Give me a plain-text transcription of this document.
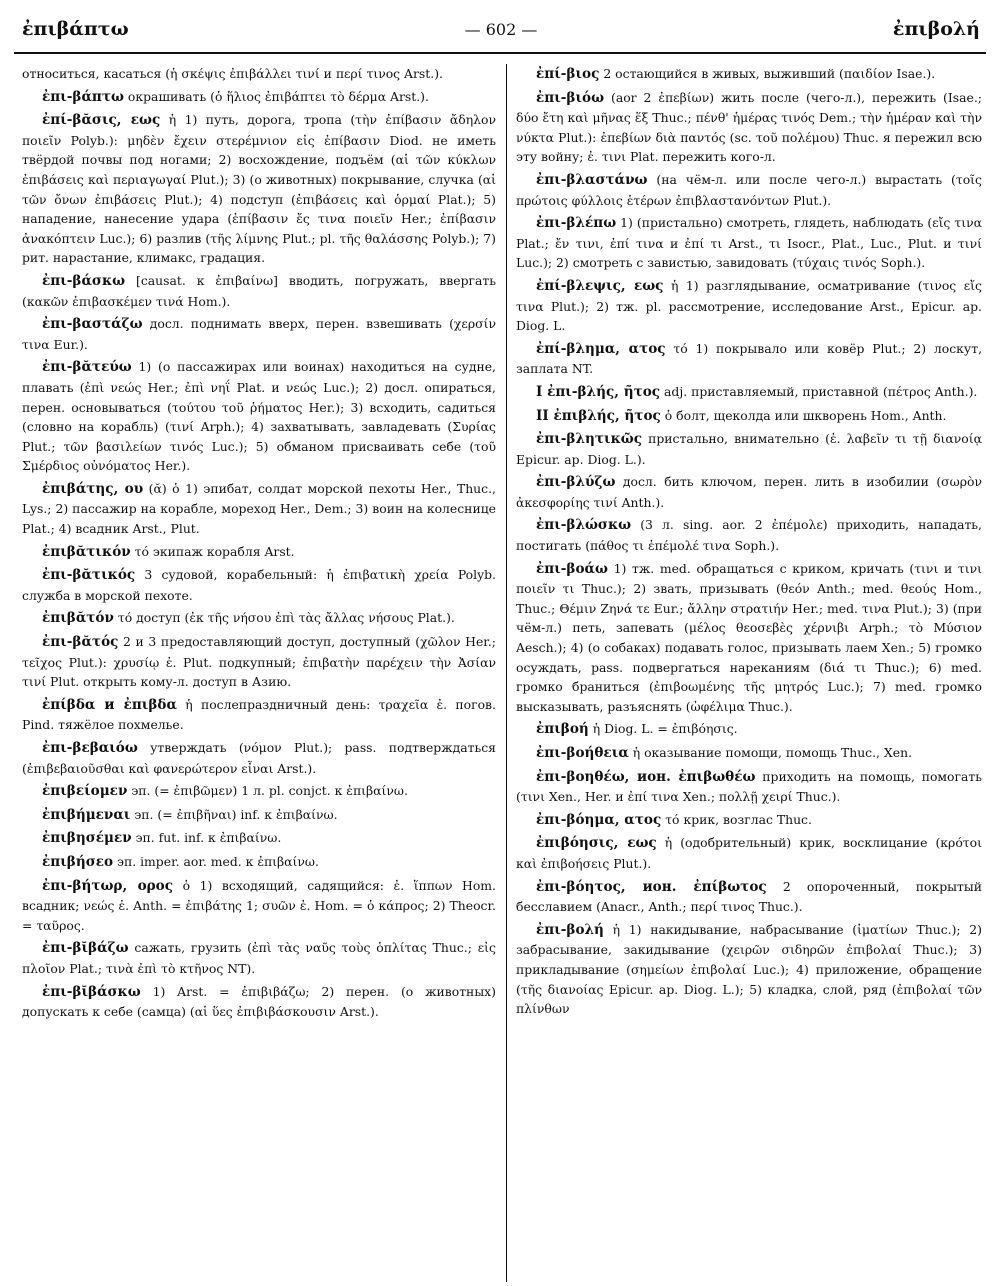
ἐπιβάπτω	— 602 —	ἐπιβολή

относиться, касаться (ἡ σκέψις ἐπιβάλλει τινί и περί τινος Arst.).

ἐπι-βάπτω окрашивать (ὁ ἥλιος ἐπιβάπτει τὸ δέρμα Arst.).

ἐπί-βᾰσις, εως ἡ 1) путь, дорога, тропа (τὴν ἐπίβασιν ἄδηλον ποιεῖν Polyb.): μηδὲν ἔχειν στερέμνιον εἰς ἐπίβασιν Diod. не иметь твёрдой почвы под ногами; 2) восхождение, подъём (αἱ τῶν κύκλων ἐπιβάσεις καὶ περιαγωγαί Plut.); 3) (о животных) покрывание, случка (αἱ τῶν ὄνων ἐπιβάσεις Plut.); 4) подступ (ἐπιβάσεις καὶ ὁρμαί Plat.); 5) нападение, нанесение удара (ἐπίβασιν ἔς τινα ποιεῖν Her.; ἐπίβασιν ἀνακόπτειν Luc.); 6) разлив (τῆς λίμνης Plut.; pl. τῆς θαλάσσης Polyb.); 7) рит. нарастание, климакс, градация.

ἐπι-βάσκω [causat. к ἐπιβαίνω] вводить, погружать, ввергать (κακῶν ἐπιβασκέμεν τινά Hom.).

ἐπι-βαστάζω досл. поднимать вверх, перен. взвешивать (χερσίν τινα Eur.).

ἐπι-βᾰτεύω 1) (о пассажирах или воинах) находиться на судне, плавать (ἐπὶ νεώς Her.; ἐπὶ νηΐ Plat. и νεώς Luc.); 2) досл. опираться, перен. основываться (τούτου τοῦ ῥήματος Her.); 3) всходить, садиться (словно на корабль) (τινί Arph.); 4) захватывать, завладевать (Συρίας Plut.; τῶν βασιλείων τινός Luc.); 5) обманом присваивать себе (τοῦ Σμέρδιος οὐνόματος Her.).

ἐπιβάτης, ου (ᾰ) ὁ 1) эпибат, солдат морской пехоты Her., Thuc., Lys.; 2) пассажир на корабле, мореход Her., Dem.; 3) воин на колеснице Plat.; 4) всадник Arst., Plut.

ἐπιβᾰτικόν τό экипаж корабля Arst.

ἐπι-βᾰτικός 3 судовой, корабельный: ἡ ἐπιβατικὴ χρεία Polyb. служба в морской пехоте.

ἐπιβᾰτόν τό доступ (ἐκ τῆς νήσου ἐπὶ τὰς ἄλλας νήσους Plat.).

ἐπι-βᾰτός 2 и 3 предоставляющий доступ, доступный (χῶλον Her.; τεῖχος Plut.): χρυσίῳ ἐ. Plut. подкупный; ἐπιβατὴν παρέχειν τὴν Ἀσίαν τινί Plut. открыть кому-л. доступ в Азию.

ἐπίβδα и ἐπιβδα ἡ послепраздничный день: τραχεῖα ἐ. погов. Pind. тяжёлое похмелье.

ἐπι-βεβαιόω утверждать (νόμον Plut.); pass. подтверждаться (ἐπιβεβαιοῦσθαι καὶ φανερώτερον εἶναι Arst.).

ἐπιβείομεν эп. (= ἐπιβῶμεν) 1 л. pl. conjct. к ἐπιβαίνω.

ἐπιβήμεναι эп. (= ἐπιβῆναι) inf. к ἐπιβαίνω.

ἐπιβησέμεν эп. fut. inf. к ἐπιβαίνω.

ἐπιβήσεο эп. imper. aor. med. к ἐπιβαίνω.

ἐπι-βήτωρ, ορος ὁ 1) всходящий, садящийся: ἐ. ἵππων Hom. всадник; νεώς ἐ. Anth. = ἐπιβάτης 1; συῶν ἐ. Hom. = ὁ κάπρος; 2) Theocr. = ταῦρος.

ἐπι-βῐβάζω сажать, грузить (ἐπὶ τὰς ναῦς τοὺς ὁπλίτας Thuc.; εἰς πλοῖον Plat.; τινὰ ἐπὶ τὸ κτῆνος NT).

ἐπι-βῐβάσκω 1) Arst. = ἐπιβιβάζω; 2) перен. (о животных) допускать к себе (самца) (αἱ ὕες ἐπιβιβάσκουσιν Arst.).

ἐπί-βιος 2 остающийся в живых, выживший (παιδίον Isae.).

ἐπι-βιόω (aor 2 ἐπεβίων) жить после (чего-л.), пережить (Isae.; δύο ἔτη καὶ μῆνας ἕξ Thuc.; πένθ' ἡμέρας τινός Dem.; τὴν ἡμέραν καὶ τὴν νύκτα Plut.): ἐπεβίων διὰ παντός (sc. τοῦ πολέμου) Thuc. я пережил всю эту войну; ἐ. τινι Plat. пережить кого-л.

ἐπι-βλαστάνω (на чём-л. или после чего-л.) вырастать (τοῖς πρώτοις φύλλοις ἑτέρων ἐπιβλαστανόντων Plut.).

ἐπι-βλέπω 1) (пристально) смотреть, глядеть, наблюдать (εἴς τινα Plat.; ἔν τινι, ἐπί τινα и ἐπί τι Arst., τι Isocr., Plat., Luc., Plut. и τινί Luc.); 2) смотреть с завистью, завидовать (τύχαις τινός Soph.).

ἐπί-βλεψις, εως ἡ 1) разглядывание, осматривание (τινος εἴς τινα Plut.); 2) тж. pl. рассмотрение, исследование Arst., Epicur. ap. Diog. L.

ἐπί-βλημα, ατος τό 1) покрывало или ковёр Plut.; 2) лоскут, заплата NT.

I ἐπι-βλής, ῆτος adj. приставляемый, приставной (πέτρος Anth.).

II ἐπιβλής, ῆτος ὁ болт, щеколда или шкворень Hom., Anth.

ἐπι-βλητικῶς пристально, внимательно (ἐ. λαβεῖν τι τῇ διανοίᾳ Epicur. ap. Diog. L.).

ἐπι-βλύζω досл. бить ключом, перен. лить в изобилии (σωρὸν ἀκεσφορίης τινί Anth.).

ἐπι-βλώσκω (3 л. sing. aor. 2 ἐπέμολε) приходить, нападать, постигать (πάθος τι ἐπέμολέ τινα Soph.).

ἐπι-βοάω 1) тж. med. обращаться с криком, кричать (τινι и τινι ποιεῖν τι Thuc.); 2) звать, призывать (θεόν Anth.; med. θεούς Hom., Thuc.; Θέμιν Ζηνά τε Eur.; ἄλλην στρατιήν Her.; med. τινα Plut.); 3) (при чём-л.) петь, запевать (μέλος θεοσεβὲς χέρνιβι Arph.; τὸ Μύσιον Aesch.); 4) (о собаках) подавать голос, призывать лаем Xen.; 5) громко осуждать, pass. подвергаться нареканиям (διά τι Thuc.); 6) med. громко браниться (ἐπιβοωμένης τῆς μητρός Luc.); 7) med. громко высказывать, разъяснять (ὠφέλιμα Thuc.).

ἐπιβοή ἡ Diog. L. = ἐπιβόησις.

ἐπι-βοήθεια ἡ оказывание помощи, помощь Thuc., Xen.

ἐπι-βοηθέω, ион. ἐπιβωθέω приходить на помощь, помогать (τινι Xen., Her. и ἐπί τινα Xen.; πολλῇ χειρί Thuc.).

ἐπι-βόημα, ατος τό крик, возглас Thuc.

ἐπιβόησις, εως ἡ (одобрительный) крик, восклицание (κρότοι καὶ ἐπιβοήσεις Plut.).

ἐπι-βόητος, ион. ἐπίβωτος 2 опороченный, покрытый бесславием (Anacr., Anth.; περί τινος Thuc.).

ἐπι-βολή ἡ 1) накидывание, набрасывание (ἱματίων Thuc.); 2) забрасывание, закидывание (χειρῶν σιδηρῶν ἐπιβολαί Thuc.); 3) прикладывание (σημείων ἐπιβολαί Luc.); 4) приложение, обращение (τῆς διανοίας Epicur. ap. Diog. L.); 5) кладка, слой, ряд (ἐπιβολαί τῶν πλίνθων
